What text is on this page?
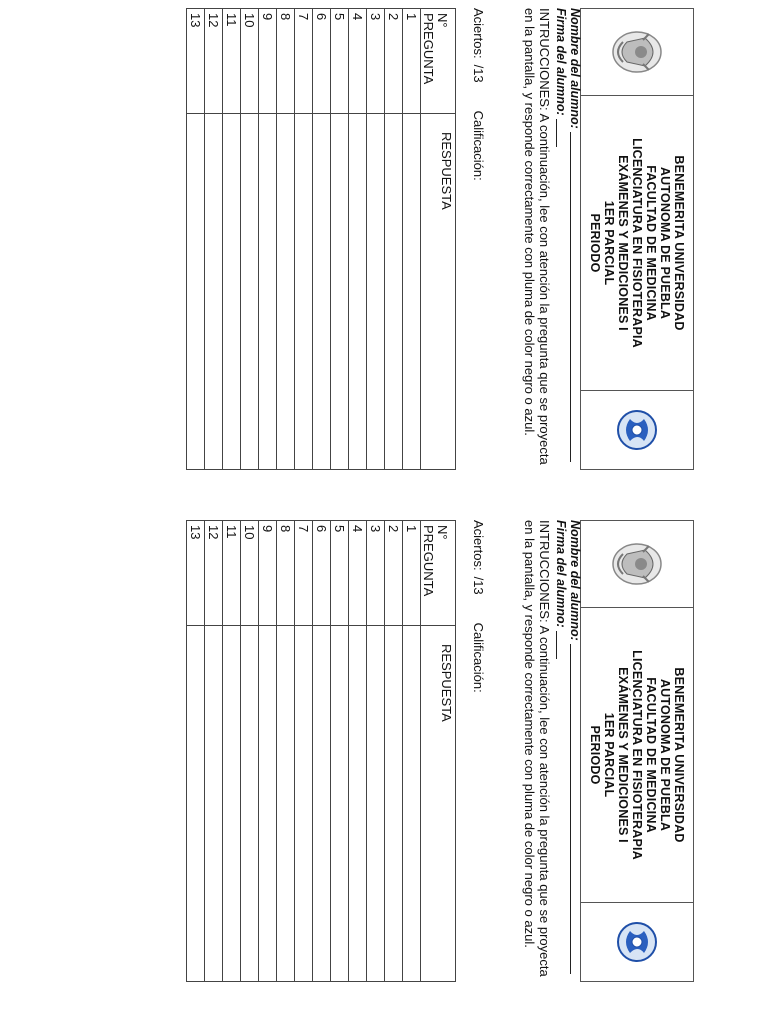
BENEMERITA UNIVERSIDAD
AUTONOMA DE PUEBLA
FACULTAD DE MEDICINA
LICENCIATURA EN FISIOTERAPIA
EXÁMENES Y MEDICIONES I
1ER PARCIAL
PERIODO
Nombre del alumno:
Firma del alumno:
INTRUCCIONES: A continuación, lee con atención la pregunta que se proyecta en la pantalla, y responde correctamente con pluma de color negro o azul.
Aciertos:
/13
Calificación:
N°
PREGUNTA	RESPUESTA
1	
2	
3	
4	
5	
6	
7	
8	
9	
10	
11	
12	
13	
BENEMERITA UNIVERSIDAD
AUTONOMA DE PUEBLA
FACULTAD DE MEDICINA
LICENCIATURA EN FISIOTERAPIA
EXÁMENES Y MEDICIONES I
1ER PARCIAL
PERIODO
Nombre del alumno:
Firma del alumno:
INTRUCCIONES: A continuación, lee con atención la pregunta que se proyecta en la pantalla, y responde correctamente con pluma de color negro o azul.
Aciertos:
/13
Calificación:
N°
PREGUNTA	RESPUESTA
1	
2	
3	
4	
5	
6	
7	
8	
9	
10	
11	
12	
13	
